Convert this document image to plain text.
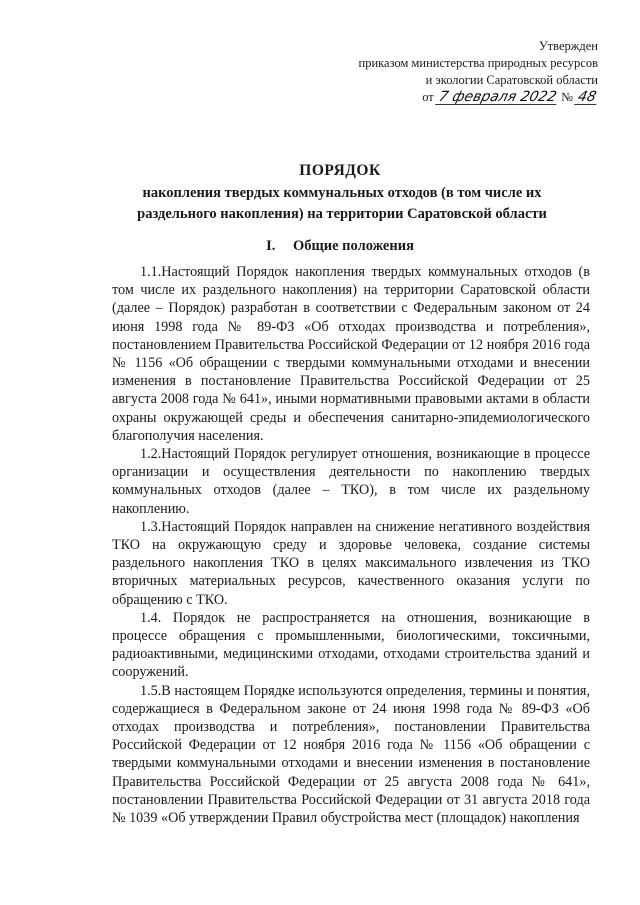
Утвержден
приказом министерства природных ресурсов
и экологии Саратовской области
от 7 февраля 2022 № 48
ПОРЯДОК
накопления твердых коммунальных отходов (в том числе их раздельного накопления) на территории Саратовской области
I. Общие положения

1.1.Настоящий Порядок накопления твердых коммунальных отходов (в том числе их раздельного накопления) на территории Саратовской области (далее – Порядок) разработан в соответствии с Федеральным законом от 24 июня 1998 года № 89-ФЗ «Об отходах производства и потребления», постановлением Правительства Российской Федерации от 12 ноября 2016 года № 1156 «Об обращении с твердыми коммунальными отходами и внесении изменения в постановление Правительства Российской Федерации от 25 августа 2008 года № 641», иными нормативными правовыми актами в области охраны окружающей среды и обеспечения санитарно-эпидемиологического благополучия населения.

1.2.Настоящий Порядок регулирует отношения, возникающие в процессе организации и осуществления деятельности по накоплению твердых коммунальных отходов (далее – ТКО), в том числе их раздельному накоплению.

1.3.Настоящий Порядок направлен на снижение негативного воздействия ТКО на окружающую среду и здоровье человека, создание системы раздельного накопления ТКО в целях максимального извлечения из ТКО вторичных материальных ресурсов, качественного оказания услуги по обращению с ТКО.

1.4. Порядок не распространяется на отношения, возникающие в процессе обращения с промышленными, биологическими, токсичными, радиоактивными, медицинскими отходами, отходами строительства зданий и сооружений.

1.5.В настоящем Порядке используются определения, термины и понятия, содержащиеся в Федеральном законе от 24 июня 1998 года № 89-ФЗ «Об отходах производства и потребления», постановлении Правительства Российской Федерации от 12 ноября 2016 года № 1156 «Об обращении с твердыми коммунальными отходами и внесении изменения в постановление Правительства Российской Федерации от 25 августа 2008 года № 641», постановлении Правительства Российской Федерации от 31 августа 2018 года № 1039 «Об утверждении Правил обустройства мест (площадок) накопления
